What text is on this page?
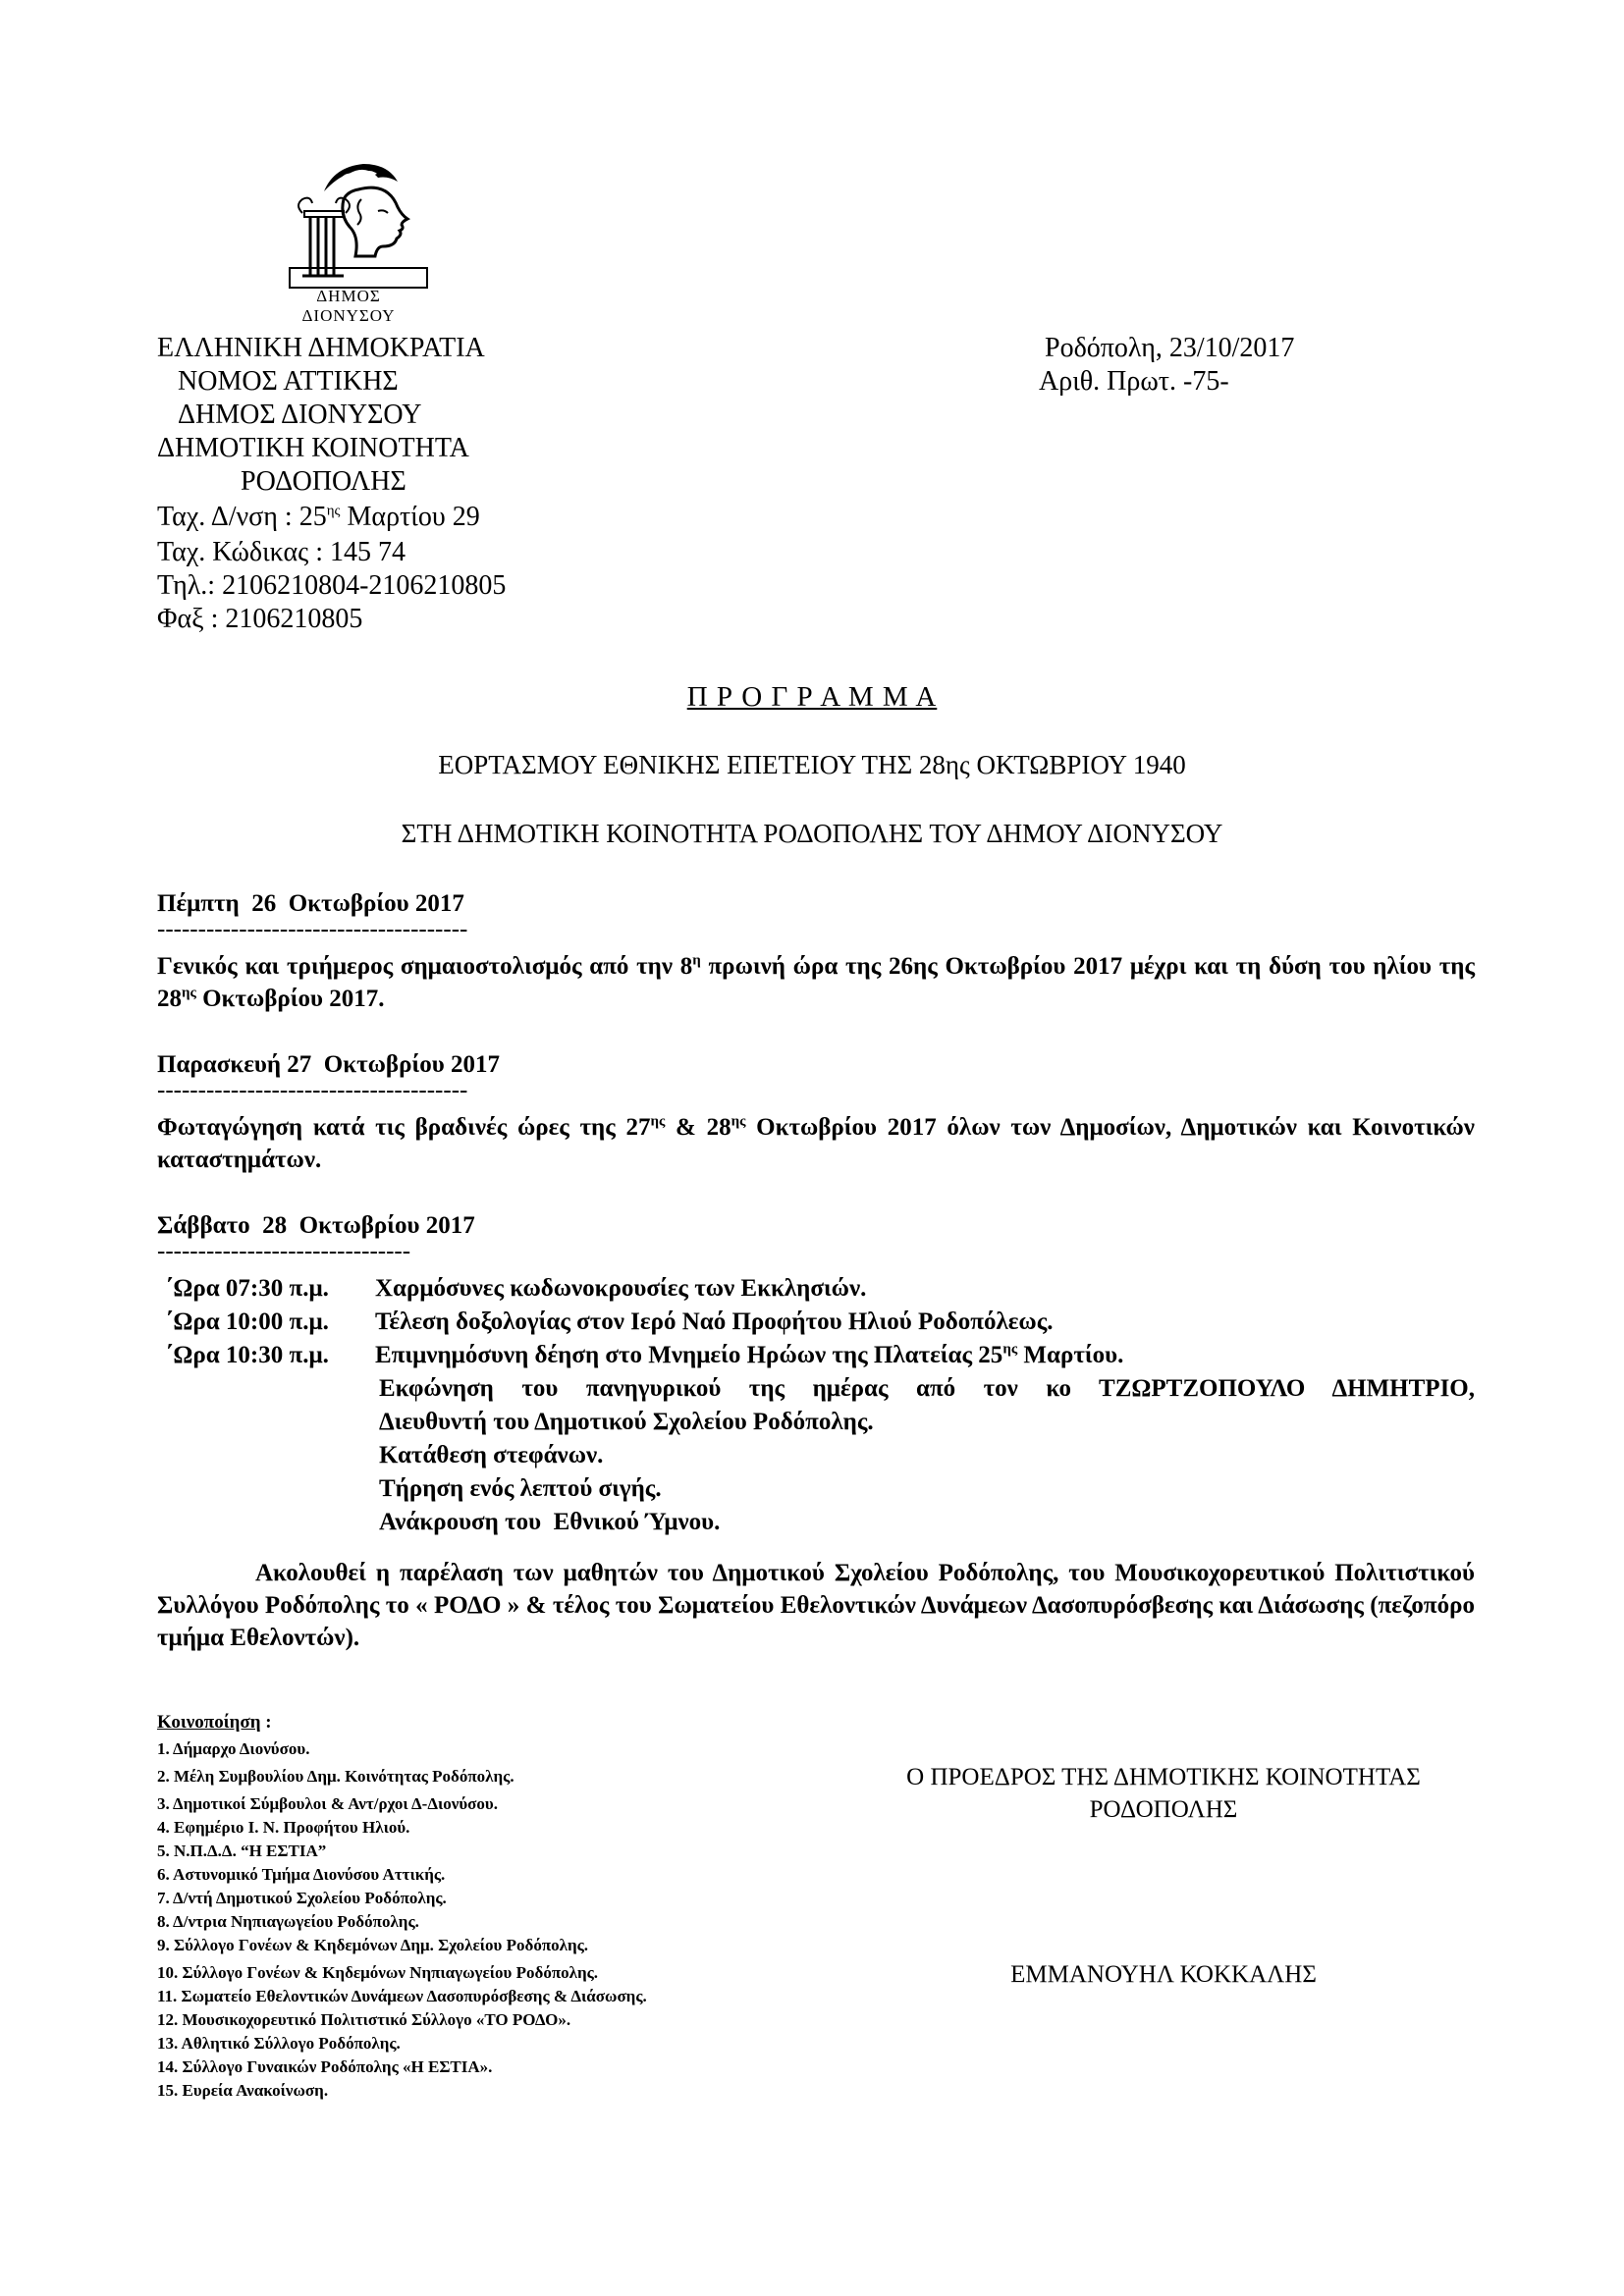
ΔΗΜΟΣ ΔΙΟΝΥΣΟΥ
ΕΛΛΗΝΙΚΗ ΔΗΜΟΚΡΑΤΙΑ
ΝΟΜΟΣ ΑΤΤΙΚΗΣ
ΔΗΜΟΣ ΔΙΟΝΥΣΟΥ
ΔΗΜΟΤΙΚΗ ΚΟΙΝΟΤΗΤΑ
ΡΟΔΟΠΟΛΗΣ
Ταχ. Δ/νση : $25^{\eta\varsigma}$ Μαρτίου 29
Ταχ. Κώδικας : 145 74
Τηλ.: 2106210804-2106210805
Φαξ : 2106210805
Ροδόπολη, 23/10/2017
Αριθ. Πρωτ. -75-
Π Ρ Ο Γ Ρ Α Μ Μ Α
ΕΟΡΤΑΣΜΟΥ ΕΘΝΙΚΗΣ ΕΠΕΤΕΙΟΥ ΤΗΣ 28ης ΟΚΤΩΒΡΙΟΥ 1940
ΣΤΗ ΔΗΜΟΤΙΚΗ ΚΟΙΝΟΤΗΤΑ ΡΟΔΟΠΟΛΗΣ ΤΟΥ ΔΗΜΟΥ ΔΙΟΝΥΣΟΥ
Πέμπτη  26  Οκτωβρίου 2017
--------------------------------------
Γενικός και τριήμερος σημαιοστολισμός από την $8^\eta$ πρωινή ώρα της 26ης Οκτωβρίου 2017 μέχρι και τη δύση του ηλίου της $28^{\eta\varsigma}$ Οκτωβρίου 2017.
Παρασκευή 27  Οκτωβρίου 2017
--------------------------------------
Φωταγώγηση κατά τις βραδινές ώρες της $27^{\eta\varsigma}$ & $28^{\eta\varsigma}$ Οκτωβρίου 2017 όλων των Δημοσίων, Δημοτικών και Κοινοτικών καταστημάτων.
Σάββατο  28  Οκτωβρίου 2017
-------------------------------
΄Ωρα 07:30 π.μ. Χαρμόσυνες κωδωνοκρουσίες των Εκκλησιών.
΄Ωρα 10:00 π.μ. Τέλεση δοξολογίας στον Ιερό Ναό Προφήτου Ηλιού Ροδοπόλεως.
΄Ωρα 10:30 π.μ. Επιμνημόσυνη δέηση στο Μνημείο Ηρώων της Πλατείας $25^{\eta\varsigma}$ Μαρτίου.
Εκφώνηση του πανηγυρικού της ημέρας από τον κο ΤΖΩΡΤΖΟΠΟΥΛΟ ΔΗΜΗΤΡΙΟ,
Διευθυντή του Δημοτικού Σχολείου Ροδόπολης.
Κατάθεση στεφάνων.
Τήρηση ενός λεπτού σιγής.
Ανάκρουση του  Εθνικού Ύμνου.
Ακολουθεί η παρέλαση των μαθητών του Δημοτικού Σχολείου Ροδόπολης, του Μουσικοχορευτικού Πολιτιστικού Συλλόγου Ροδόπολης το « ΡΟΔΟ » & τέλος του Σωματείου Εθελοντικών Δυνάμεων Δασοπυρόσβεσης και Διάσωσης (πεζοπόρο τμήμα Εθελοντών).
Κοινοποίηση :
1. Δήμαρχο Διονύσου.
2. Μέλη Συμβουλίου Δημ. Κοινότητας Ροδόπολης.
3. Δημοτικοί Σύμβουλοι & Αντ/ρχοι Δ-Διονύσου.
4. Εφημέριο Ι. Ν. Προφήτου Ηλιού.
5. Ν.Π.Δ.Δ. “Η ΕΣΤΙΑ”
6. Αστυνομικό Τμήμα Διονύσου Αττικής.
7. Δ/ντή Δημοτικού Σχολείου Ροδόπολης.
8. Δ/ντρια Νηπιαγωγείου Ροδόπολης.
9. Σύλλογο Γονέων & Κηδεμόνων Δημ. Σχολείου Ροδόπολης.
10. Σύλλογο Γονέων & Κηδεμόνων Νηπιαγωγείου Ροδόπολης.
11. Σωματείο Εθελοντικών Δυνάμεων Δασοπυρόσβεσης & Διάσωσης.
12. Μουσικοχορευτικό Πολιτιστικό Σύλλογο «ΤΟ ΡΟΔΟ».
13. Αθλητικό Σύλλογο Ροδόπολης.
14. Σύλλογο Γυναικών Ροδόπολης «Η ΕΣΤΙΑ».
15. Ευρεία Ανακοίνωση.
Ο ΠΡΟΕΔΡΟΣ ΤΗΣ ΔΗΜΟΤΙΚΗΣ ΚΟΙΝΟΤΗΤΑΣ
ΡΟΔΟΠΟΛΗΣ
ΕΜΜΑΝΟΥΗΛ ΚΟΚΚΑΛΗΣ
